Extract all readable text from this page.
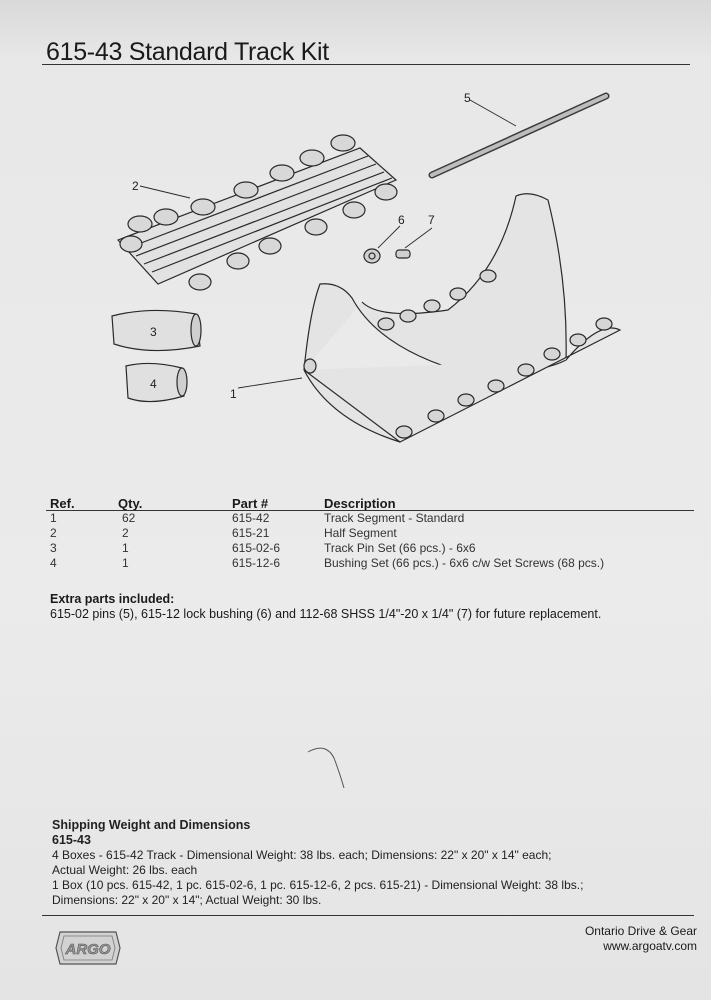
615-43 Standard Track Kit
1
2
3
4
5
6 7
Ref.	Qty.	Part #	Description
1	62	615-42	Track Segment - Standard
2	2	615-21	Half Segment
3	1	615-02-6	Track Pin Set (66 pcs.) - 6x6
4	1	615-12-6	Bushing Set (66 pcs.) - 6x6 c/w Set Screws (68 pcs.)
Extra parts included:
615-02 pins (5), 615-12 lock bushing (6) and 112-68 SHSS 1/4"-20 x 1/4" (7) for future replacement.
Shipping Weight and Dimensions
615-43
4 Boxes - 615-42 Track - Dimensional Weight: 38 lbs. each; Dimensions: 22" x 20" x 14" each;
Actual Weight: 26 lbs. each
1 Box (10 pcs. 615-42, 1 pc. 615-02-6, 1 pc. 615-12-6, 2 pcs. 615-21) - Dimensional Weight: 38 lbs.;
Dimensions: 22" x 20" x 14"; Actual Weight: 30 lbs.
ARGO
Ontario Drive & Gear
www.argoatv.com
